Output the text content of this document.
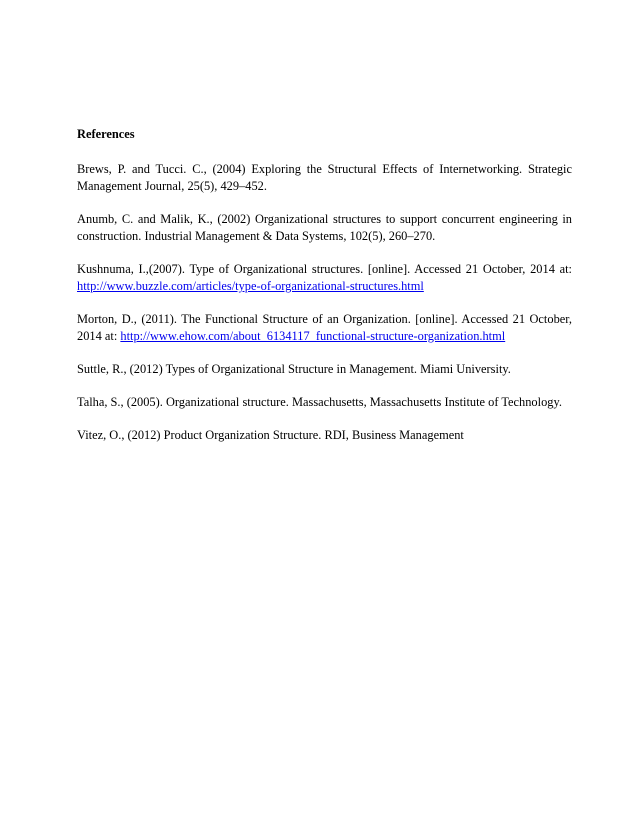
References
Brews, P. and Tucci. C., (2004) Exploring the Structural Effects of Internetworking. Strategic Management Journal, 25(5), 429–452.
Anumb, C. and Malik, K., (2002) Organizational structures to support concurrent engineering in construction. Industrial Management & Data Systems, 102(5), 260–270.
Kushnuma, I.,(2007). Type of Organizational structures. [online]. Accessed 21 October, 2014 at: http://www.buzzle.com/articles/type-of-organizational-structures.html
Morton, D., (2011). The Functional Structure of an Organization. [online]. Accessed 21 October, 2014 at: http://www.ehow.com/about_6134117_functional-structure-organization.html
Suttle, R., (2012) Types of Organizational Structure in Management. Miami University.
Talha, S., (2005). Organizational structure. Massachusetts, Massachusetts Institute of Technology.
Vitez, O., (2012) Product Organization Structure. RDI, Business Management
